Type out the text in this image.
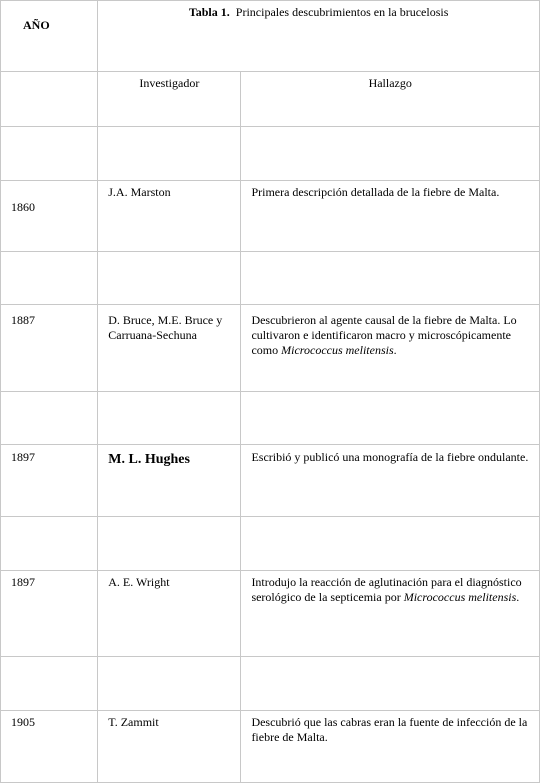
AÑO	Tabla 1. Principales descubrimientos en la brucelosis	
	Investigador	Hallazgo

1860	J.A. Marston	Primera descripción detallada de la fiebre de Malta.

1887	D. Bruce, M.E. Bruce y Carruana-Sechuna	Descubrieron al agente causal de la fiebre de Malta. Lo cultivaron e identificaron macro y microscópicamente como Micrococcus melitensis.

1897	M. L. Hughes	Escribió y publicó una monografía de la fiebre ondulante.

1897	A. E. Wright	Introdujo la reacción de aglutinación para el diagnóstico serológico de la septicemia por Micrococcus melitensis.

1905	T. Zammit	Descubrió que las cabras eran la fuente de infección de la fiebre de Malta.
